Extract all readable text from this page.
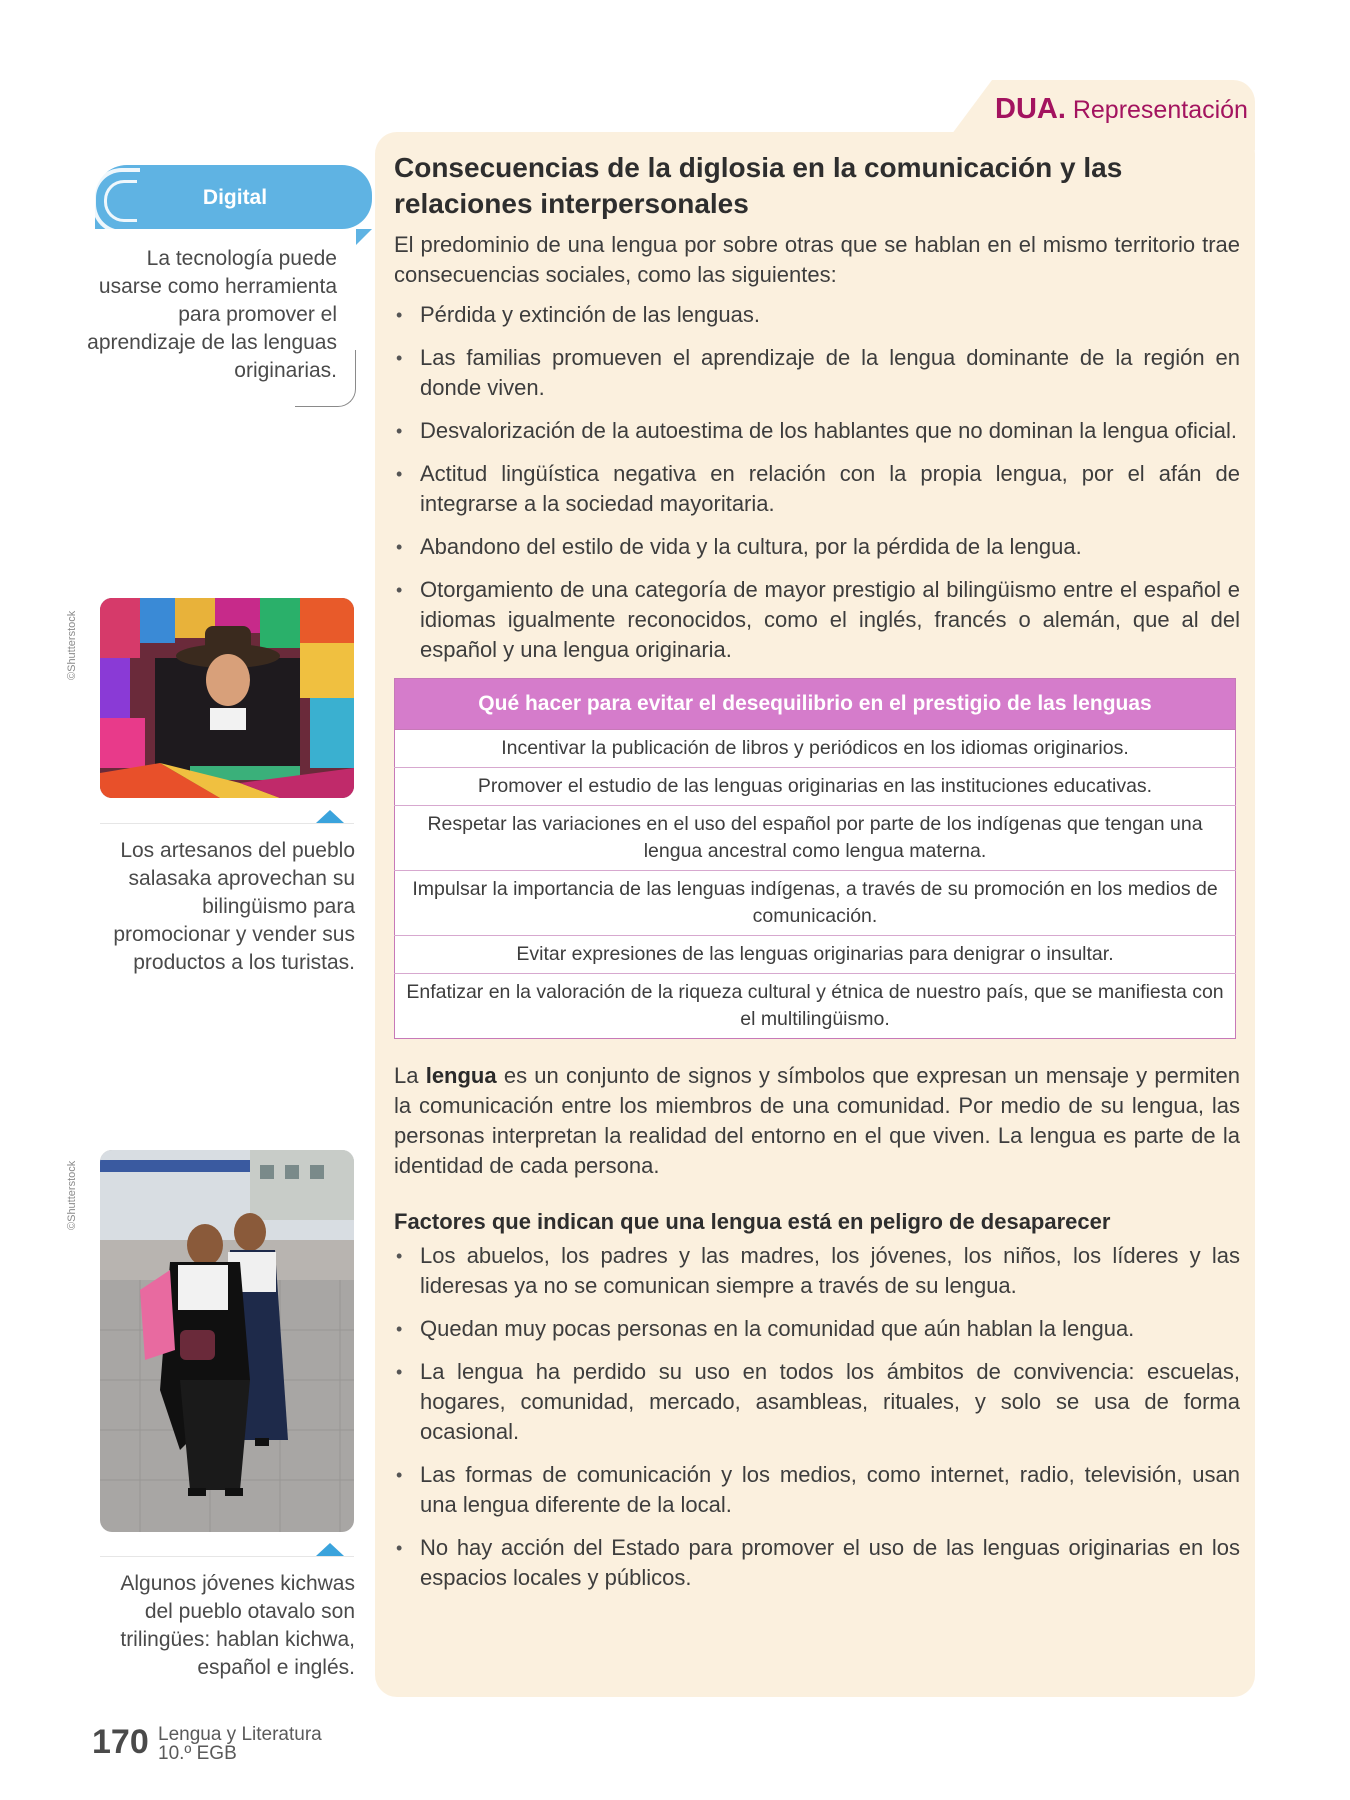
DUA. Representación
Consecuencias de la diglosia en la comunicación y las relaciones interpersonales

El predominio de una lengua por sobre otras que se hablan en el mismo territorio trae consecuencias sociales, como las siguientes:

• Pérdida y extinción de las lenguas.
• Las familias promueven el aprendizaje de la lengua dominante de la región en donde viven.
• Desvalorización de la autoestima de los hablantes que no dominan la lengua oficial.
• Actitud lingüística negativa en relación con la propia lengua, por el afán de integrarse a la sociedad mayoritaria.
• Abandono del estilo de vida y la cultura, por la pérdida de la lengua.
• Otorgamiento de una categoría de mayor prestigio al bilingüismo entre el español e idiomas igualmente reconocidos, como el inglés, francés o alemán, que al del español y una lengua originaria.
Qué hacer para evitar el desequilibrio en el prestigio de las lenguas
Incentivar la publicación de libros y periódicos en los idiomas originarios.
Promover el estudio de las lenguas originarias en las instituciones educativas.
Respetar las variaciones en el uso del español por parte de los indígenas que tengan una lengua ancestral como lengua materna.
Impulsar la importancia de las lenguas indígenas, a través de su promoción en los medios de comunicación.
Evitar expresiones de las lenguas originarias para denigrar o insultar.
Enfatizar en la valoración de la riqueza cultural y étnica de nuestro país, que se manifiesta con el multilingüismo.

La lengua es un conjunto de signos y símbolos que expresan un mensaje y permiten la comunicación entre los miembros de una comunidad. Por medio de su lengua, las personas interpretan la realidad del entorno en el que viven. La lengua es parte de la identidad de cada persona.

Factores que indican que una lengua está en peligro de desaparecer
• Los abuelos, los padres y las madres, los jóvenes, los niños, los líderes y las lideresas ya no se comunican siempre a través de su lengua.
• Quedan muy pocas personas en la comunidad que aún hablan la lengua.
• La lengua ha perdido su uso en todos los ámbitos de convivencia: escuelas, hogares, comunidad, mercado, asambleas, rituales, y solo se usa de forma ocasional.
• Las formas de comunicación y los medios, como internet, radio, televisión, usan una lengua diferente de la local.
• No hay acción del Estado para promover el uso de las lenguas originarias en los espacios locales y públicos.
Digital
La tecnología puede usarse como herramienta para promover el aprendizaje de las lenguas originarias.
©Shutterstock
Los artesanos del pueblo salasaka aprovechan su bilingüismo para promocionar y vender sus productos a los turistas.
©Shutterstock
Algunos jóvenes kichwas del pueblo otavalo son trilingües: hablan kichwa, español e inglés.
170 Lengua y Literatura
10.º EGB
